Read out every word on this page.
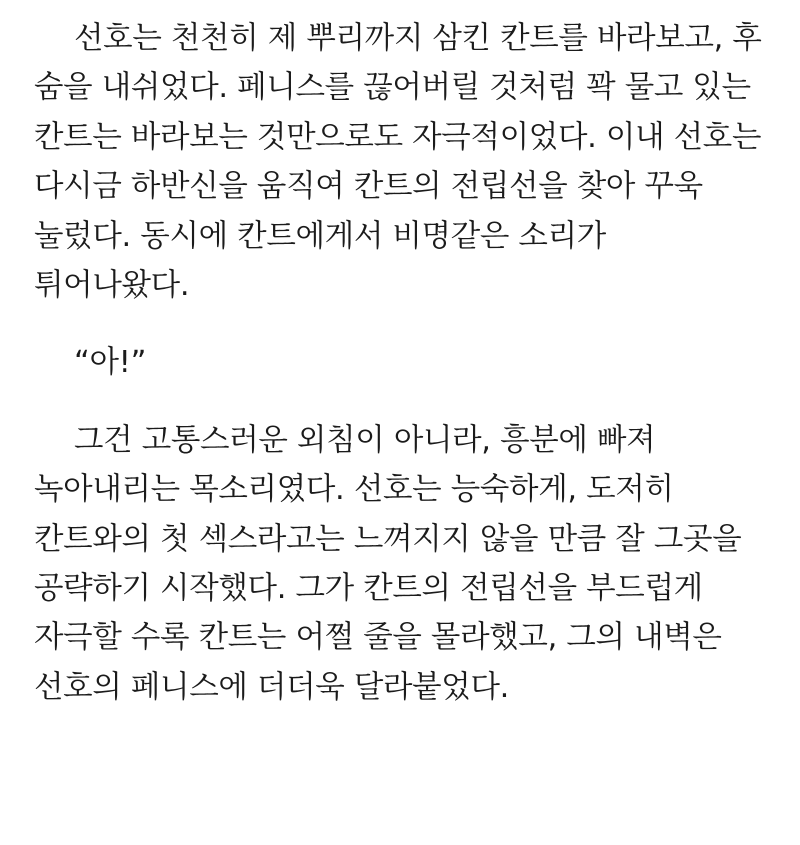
선호는 천천히 제 뿌리까지 삼킨 칸트를 바라보고, 후 숨을 내쉬었다. 페니스를 끊어버릴 것처럼 꽉 물고 있는 칸트는 바라보는 것만으로도 자극적이었다. 이내 선호는 다시금 하반신을 움직여 칸트의 전립선을 찾아 꾸욱 눌렀다. 동시에 칸트에게서 비명같은 소리가 튀어나왔다.

“아!”

그건 고통스러운 외침이 아니라, 흥분에 빠져 녹아내리는 목소리였다. 선호는 능숙하게, 도저히 칸트와의 첫 섹스라고는 느껴지지 않을 만큼 잘 그곳을 공략하기 시작했다. 그가 칸트의 전립선을 부드럽게 자극할 수록 칸트는 어쩔 줄을 몰라했고, 그의 내벽은 선호의 페니스에 더더욱 달라붙었다.
